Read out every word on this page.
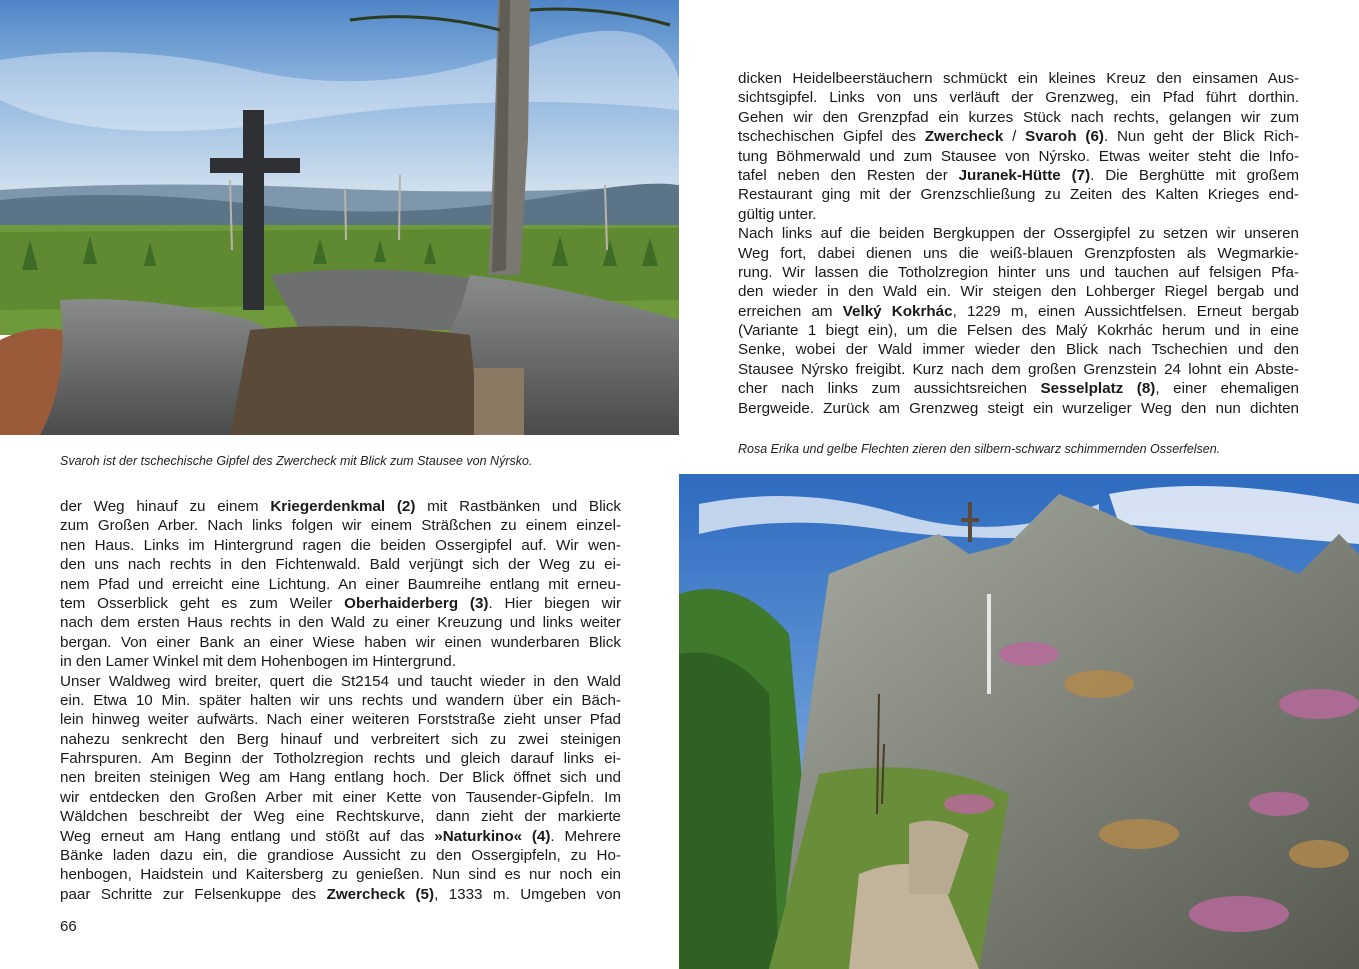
Svaroh ist der tschechische Gipfel des Zwercheck mit Blick zum Stausee von Nýrsko.
Rosa Erika und gelbe Flechten zieren den silbern-schwarz schimmernden Osserfelsen.
dicken Heidelbeerstäuchern schmückt ein kleines Kreuz den einsamen Aus-
sichtsgipfel. Links von uns verläuft der Grenzweg, ein Pfad führt dorthin.
Gehen wir den Grenzpfad ein kurzes Stück nach rechts, gelangen wir zum
tschechischen Gipfel des Zwercheck / Svaroh (6). Nun geht der Blick Rich-
tung Böhmerwald und zum Stausee von Nýrsko. Etwas weiter steht die Info-
tafel neben den Resten der Juranek-Hütte (7). Die Berghütte mit großem
Restaurant ging mit der Grenzschließung zu Zeiten des Kalten Krieges end-
gültig unter.
Nach links auf die beiden Bergkuppen der Ossergipfel zu setzen wir unseren
Weg fort, dabei dienen uns die weiß-blauen Grenzpfosten als Wegmarkie-
rung. Wir lassen die Totholzregion hinter uns und tauchen auf felsigen Pfa-
den wieder in den Wald ein. Wir steigen den Lohberger Riegel bergab und
erreichen am Velký Kokrhác, 1229 m, einen Aussichtfelsen. Erneut bergab
(Variante 1 biegt ein), um die Felsen des Malý Kokrhác herum und in eine
Senke, wobei der Wald immer wieder den Blick nach Tschechien und den
Stausee Nýrsko freigibt. Kurz nach dem großen Grenzstein 24 lohnt ein Abste-
cher nach links zum aussichtsreichen Sesselplatz (8), einer ehemaligen
Bergweide. Zurück am Grenzweg steigt ein wurzeliger Weg den nun dichten
der Weg hinauf zu einem Kriegerdenkmal (2) mit Rastbänken und Blick
zum Großen Arber. Nach links folgen wir einem Sträßchen zu einem einzel-
nen Haus. Links im Hintergrund ragen die beiden Ossergipfel auf. Wir wen-
den uns nach rechts in den Fichtenwald. Bald verjüngt sich der Weg zu ei-
nem Pfad und erreicht eine Lichtung. An einer Baumreihe entlang mit erneu-
tem Osserblick geht es zum Weiler Oberhaiderberg (3). Hier biegen wir
nach dem ersten Haus rechts in den Wald zu einer Kreuzung und links weiter
bergan. Von einer Bank an einer Wiese haben wir einen wunderbaren Blick
in den Lamer Winkel mit dem Hohenbogen im Hintergrund.
Unser Waldweg wird breiter, quert die St2154 und taucht wieder in den Wald
ein. Etwa 10 Min. später halten wir uns rechts und wandern über ein Bäch-
lein hinweg weiter aufwärts. Nach einer weiteren Forststraße zieht unser Pfad
nahezu senkrecht den Berg hinauf und verbreitert sich zu zwei steinigen
Fahrspuren. Am Beginn der Totholzregion rechts und gleich darauf links ei-
nen breiten steinigen Weg am Hang entlang hoch. Der Blick öffnet sich und
wir entdecken den Großen Arber mit einer Kette von Tausender-Gipfeln. Im
Wäldchen beschreibt der Weg eine Rechtskurve, dann zieht der markierte
Weg erneut am Hang entlang und stößt auf das »Naturkino« (4). Mehrere
Bänke laden dazu ein, die grandiose Aussicht zu den Ossergipfeln, zu Ho-
henbogen, Haidstein und Kaitersberg zu genießen. Nun sind es nur noch ein
paar Schritte zur Felsenkuppe des Zwercheck (5), 1333 m. Umgeben von
66
